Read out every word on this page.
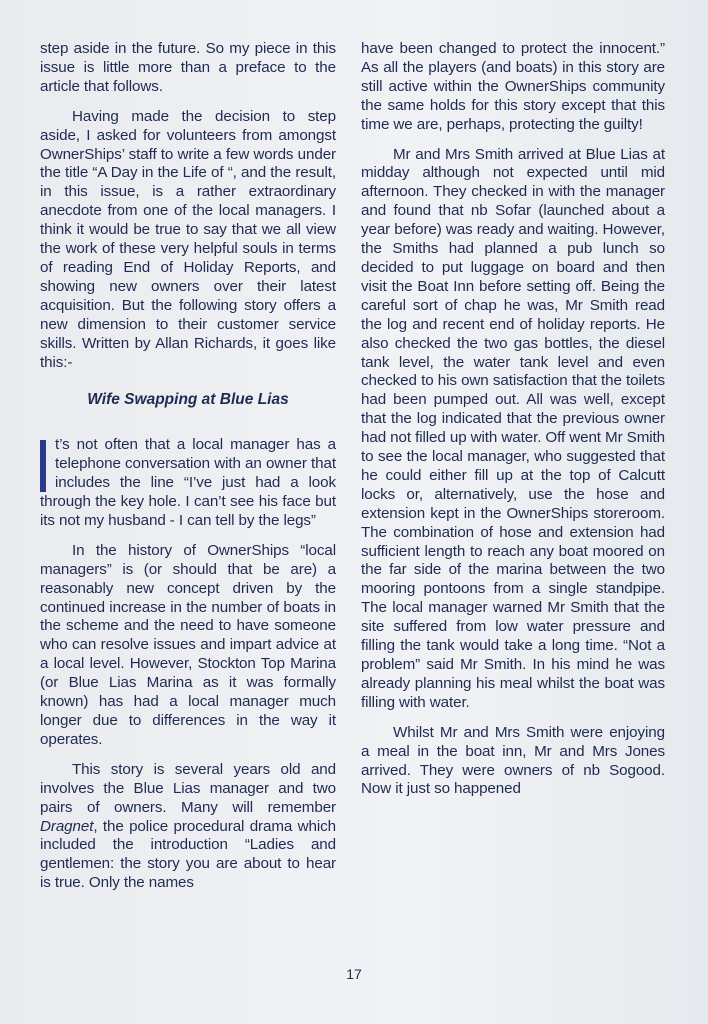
step aside in the future. So my piece in this issue is little more than a preface to the article that follows.

Having made the decision to step aside, I asked for volunteers from amongst OwnerShips’ staff to write a few words under the title “A Day in the Life of “, and the result, in this issue, is a rather extraordinary anecdote from one of the local managers. I think it would be true to say that we all view the work of these very helpful souls in terms of reading End of Holiday Reports, and showing new owners over their latest acquisition. But the following story offers a new dimension to their customer service skills. Written by Allan Richards, it goes like this:-

Wife Swapping at Blue Lias

t’s not often that a local manager has a telephone conversation with an owner that includes the line “I’ve just had a look through the key hole. I can’t see his face but its not my husband - I can tell by the legs”

In the history of OwnerShips “local managers” is (or should that be are) a reasonably new concept driven by the continued increase in the number of boats in the scheme and the need to have someone who can resolve issues and impart advice at a local level. However, Stockton Top Marina (or Blue Lias Marina as it was formally known) has had a local manager much longer due to differences in the way it operates.

This story is several years old and involves the Blue Lias manager and two pairs of owners. Many will remember Dragnet, the police procedural drama which included the introduction “Ladies and gentlemen: the story you are about to hear is true. Only the names

have been changed to protect the innocent.” As all the players (and boats) in this story are still active within the OwnerShips community the same holds for this story except that this time we are, perhaps, protecting the guilty!

Mr and Mrs Smith arrived at Blue Lias at midday although not expected until mid afternoon. They checked in with the manager and found that nb Sofar (launched about a year before) was ready and waiting. However, the Smiths had planned a pub lunch so decided to put luggage on board and then visit the Boat Inn before setting off. Being the careful sort of chap he was, Mr Smith read the log and recent end of holiday reports. He also checked the two gas bottles, the diesel tank level, the water tank level and even checked to his own satisfaction that the toilets had been pumped out. All was well, except that the log indicated that the previous owner had not filled up with water. Off went Mr Smith to see the local manager, who suggested that he could either fill up at the top of Calcutt locks or, alternatively, use the hose and extension kept in the OwnerShips storeroom. The combination of hose and extension had sufficient length to reach any boat moored on the far side of the marina between the two mooring pontoons from a single standpipe. The local manager warned Mr Smith that the site suffered from low water pressure and filling the tank would take a long time. “Not a problem” said Mr Smith. In his mind he was already planning his meal whilst the boat was filling with water.

Whilst Mr and Mrs Smith were enjoying a meal in the boat inn, Mr and Mrs Jones arrived. They were owners of nb Sogood. Now it just so happened

17
